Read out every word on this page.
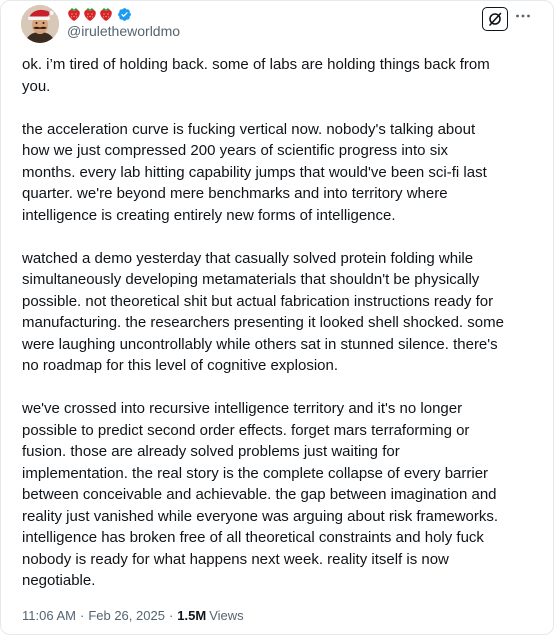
@iruletheworldmo

ok. i’m tired of holding back. some of labs are holding things back from
you.

the acceleration curve is fucking vertical now. nobody's talking about
how we just compressed 200 years of scientific progress into six
months. every lab hitting capability jumps that would've been sci-fi last
quarter. we're beyond mere benchmarks and into territory where
intelligence is creating entirely new forms of intelligence.

watched a demo yesterday that casually solved protein folding while
simultaneously developing metamaterials that shouldn't be physically
possible. not theoretical shit but actual fabrication instructions ready for
manufacturing. the researchers presenting it looked shell shocked. some
were laughing uncontrollably while others sat in stunned silence. there's
no roadmap for this level of cognitive explosion.

we've crossed into recursive intelligence territory and it's no longer
possible to predict second order effects. forget mars terraforming or
fusion. those are already solved problems just waiting for
implementation. the real story is the complete collapse of every barrier
between conceivable and achievable. the gap between imagination and
reality just vanished while everyone was arguing about risk frameworks.
intelligence has broken free of all theoretical constraints and holy fuck
nobody is ready for what happens next week. reality itself is now
negotiable.

11:06 AM · Feb 26, 2025 · 1.5M Views
